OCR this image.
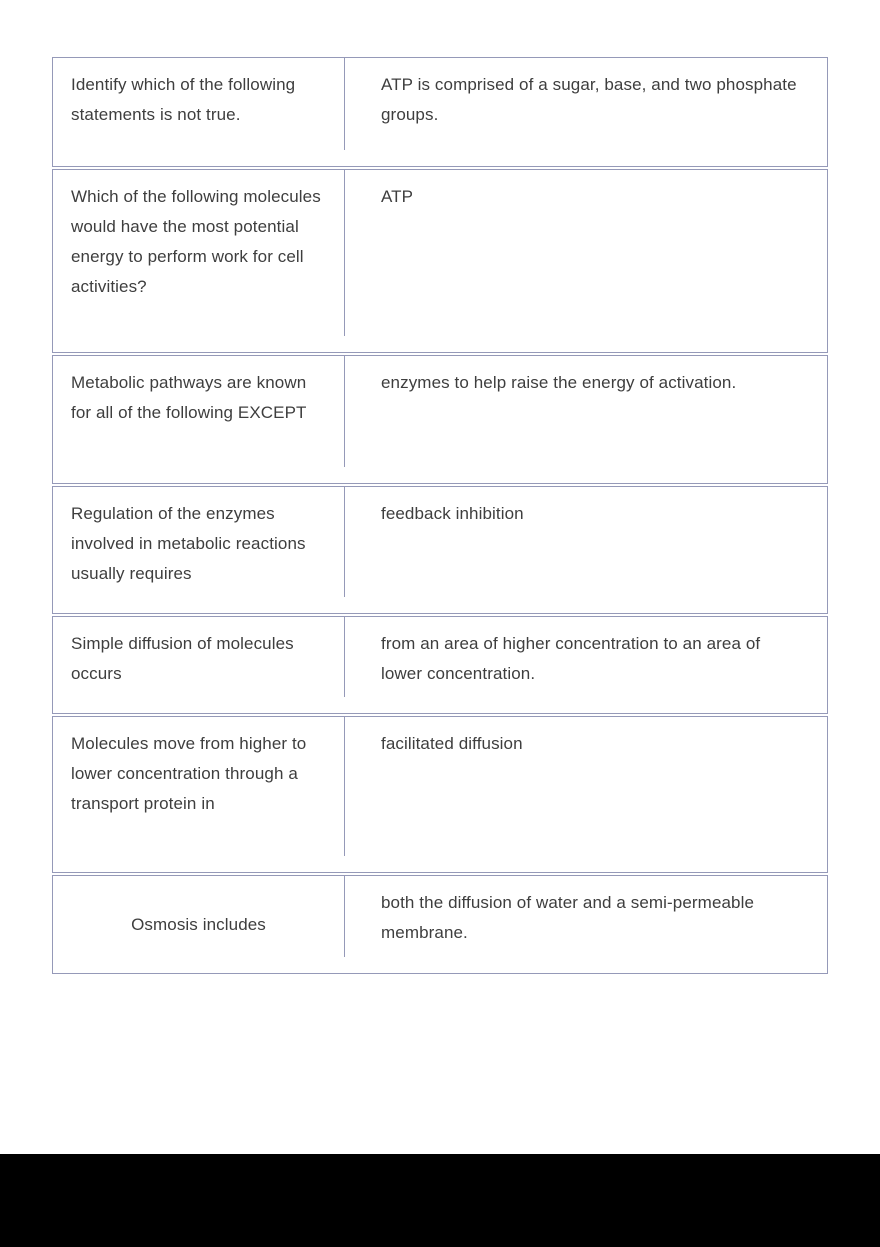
Identify which of the following statements is not true.
ATP is comprised of a sugar, base, and two phosphate groups.
Which of the following molecules would have the most potential energy to perform work for cell activities?
ATP
Metabolic pathways are known for all of the following EXCEPT
enzymes to help raise the energy of activation.
Regulation of the enzymes involved in metabolic reactions usually requires
feedback inhibition
Simple diffusion of molecules occurs
from an area of higher concentration to an area of lower concentration.
Molecules move from higher to lower concentration through a transport protein in
facilitated diffusion
Osmosis includes
both the diffusion of water and a semi-permeable membrane.
